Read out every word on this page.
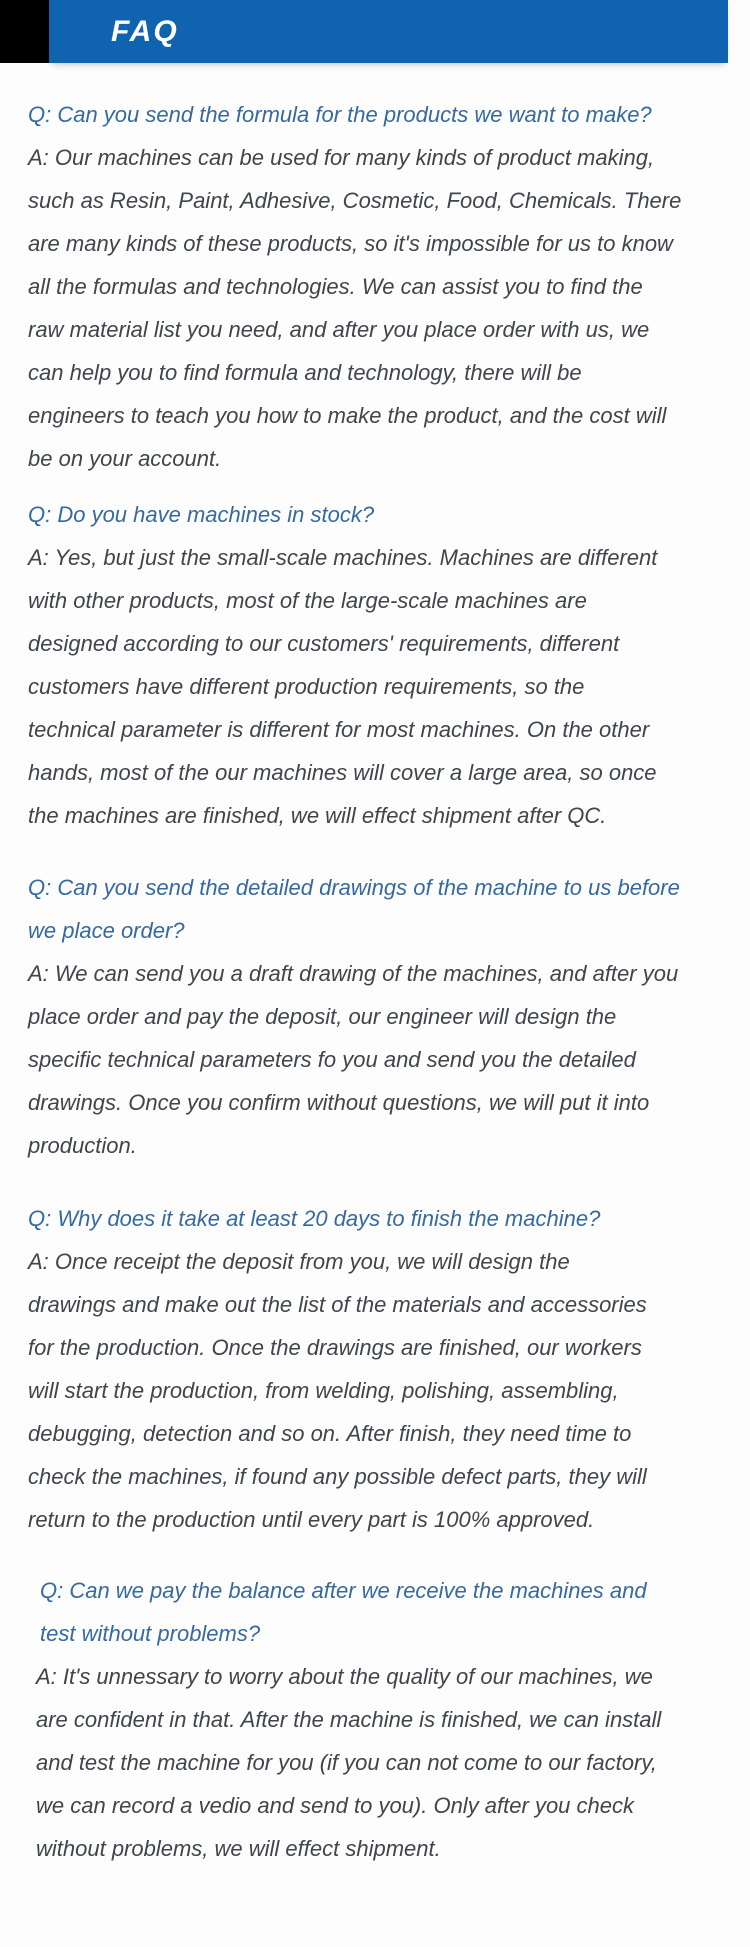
FAQ
Q: Can you send the formula for the products we want to make?
A: Our machines can be used for many kinds of product making,
such as Resin, Paint, Adhesive, Cosmetic, Food, Chemicals. There
are many kinds of these products, so it's impossible for us to know
all the formulas and technologies. We can assist you to find the
raw material list you need, and after you place order with us, we
can help you to find formula and technology, there will be
engineers to teach you how to make the product, and the cost will
be on your account.
Q: Do you have machines in stock?
A: Yes, but just the small-scale machines. Machines are different
with other products, most of the large-scale machines are
designed according to our customers' requirements, different
customers have different production requirements, so the
technical parameter is different for most machines. On the other
hands, most of the our machines will cover a large area, so once
the machines are finished, we will effect shipment after QC.
Q: Can you send the detailed drawings of the machine to us before
we place order?
A: We can send you a draft drawing of the machines, and after you
place order and pay the deposit, our engineer will design the
specific technical parameters fo you and send you the detailed
drawings. Once you confirm without questions, we will put it into
production.
Q: Why does it take at least 20 days to finish the machine?
A: Once receipt the deposit from you, we will design the
drawings and make out the list of the materials and accessories
for the production. Once the drawings are finished, our workers
will start the production, from welding, polishing, assembling,
debugging, detection and so on. After finish, they need time to
check the machines, if found any possible defect parts, they will
return to the production until every part is 100% approved.
Q: Can we pay the balance after we receive the machines and
test without problems?
A: It's unnessary to worry about the quality of our machines, we
are confident in that. After the machine is finished, we can install
and test the machine for you (if you can not come to our factory,
we can record a vedio and send to you). Only after you check
without problems, we will effect shipment.
